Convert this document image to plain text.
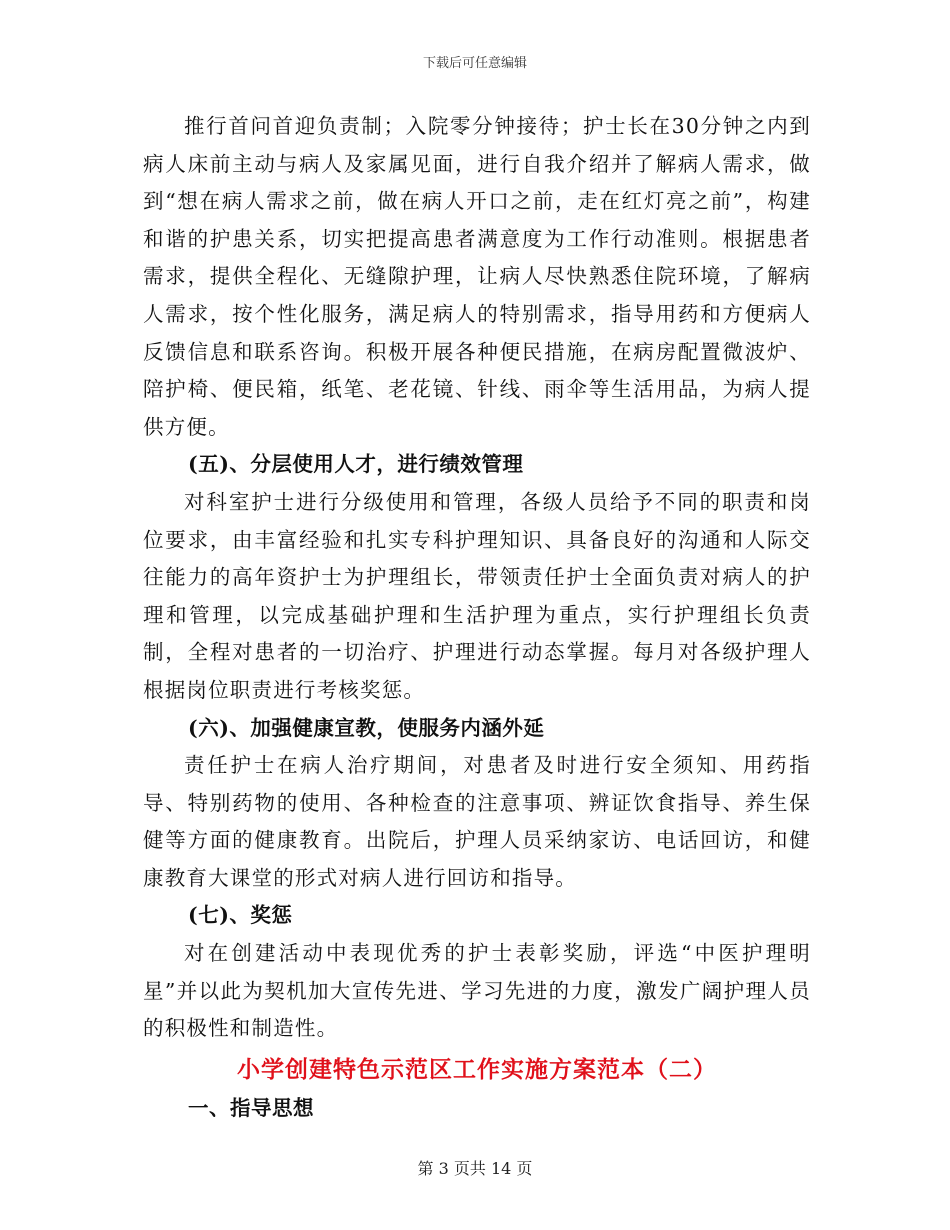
下载后可任意编辑

推行首问首迎负责制；入院零分钟接待；护士长在30分钟之内到病人床前主动与病人及家属见面，进行自我介绍并了解病人需求，做到“想在病人需求之前，做在病人开口之前，走在红灯亮之前”，构建和谐的护患关系，切实把提高患者满意度为工作行动准则。根据患者需求，提供全程化、无缝隙护理，让病人尽快熟悉住院环境，了解病人需求，按个性化服务，满足病人的特别需求，指导用药和方便病人反馈信息和联系咨询。积极开展各种便民措施，在病房配置微波炉、陪护椅、便民箱，纸笔、老花镜、针线、雨伞等生活用品，为病人提供方便。

(五)、分层使用人才，进行绩效管理

对科室护士进行分级使用和管理，各级人员给予不同的职责和岗位要求，由丰富经验和扎实专科护理知识、具备良好的沟通和人际交往能力的高年资护士为护理组长，带领责任护士全面负责对病人的护理和管理，以完成基础护理和生活护理为重点，实行护理组长负责制，全程对患者的一切治疗、护理进行动态掌握。每月对各级护理人根据岗位职责进行考核奖惩。

(六)、加强健康宣教，使服务内涵外延

责任护士在病人治疗期间，对患者及时进行安全须知、用药指导、特别药物的使用、各种检查的注意事项、辨证饮食指导、养生保健等方面的健康教育。出院后，护理人员采纳家访、电话回访，和健康教育大课堂的形式对病人进行回访和指导。

(七)、奖惩

对在创建活动中表现优秀的护士表彰奖励，评选“中医护理明星”并以此为契机加大宣传先进、学习先进的力度，激发广阔护理人员的积极性和制造性。

小学创建特色示范区工作实施方案范本（二）

一、指导思想

第 3 页共 14 页
